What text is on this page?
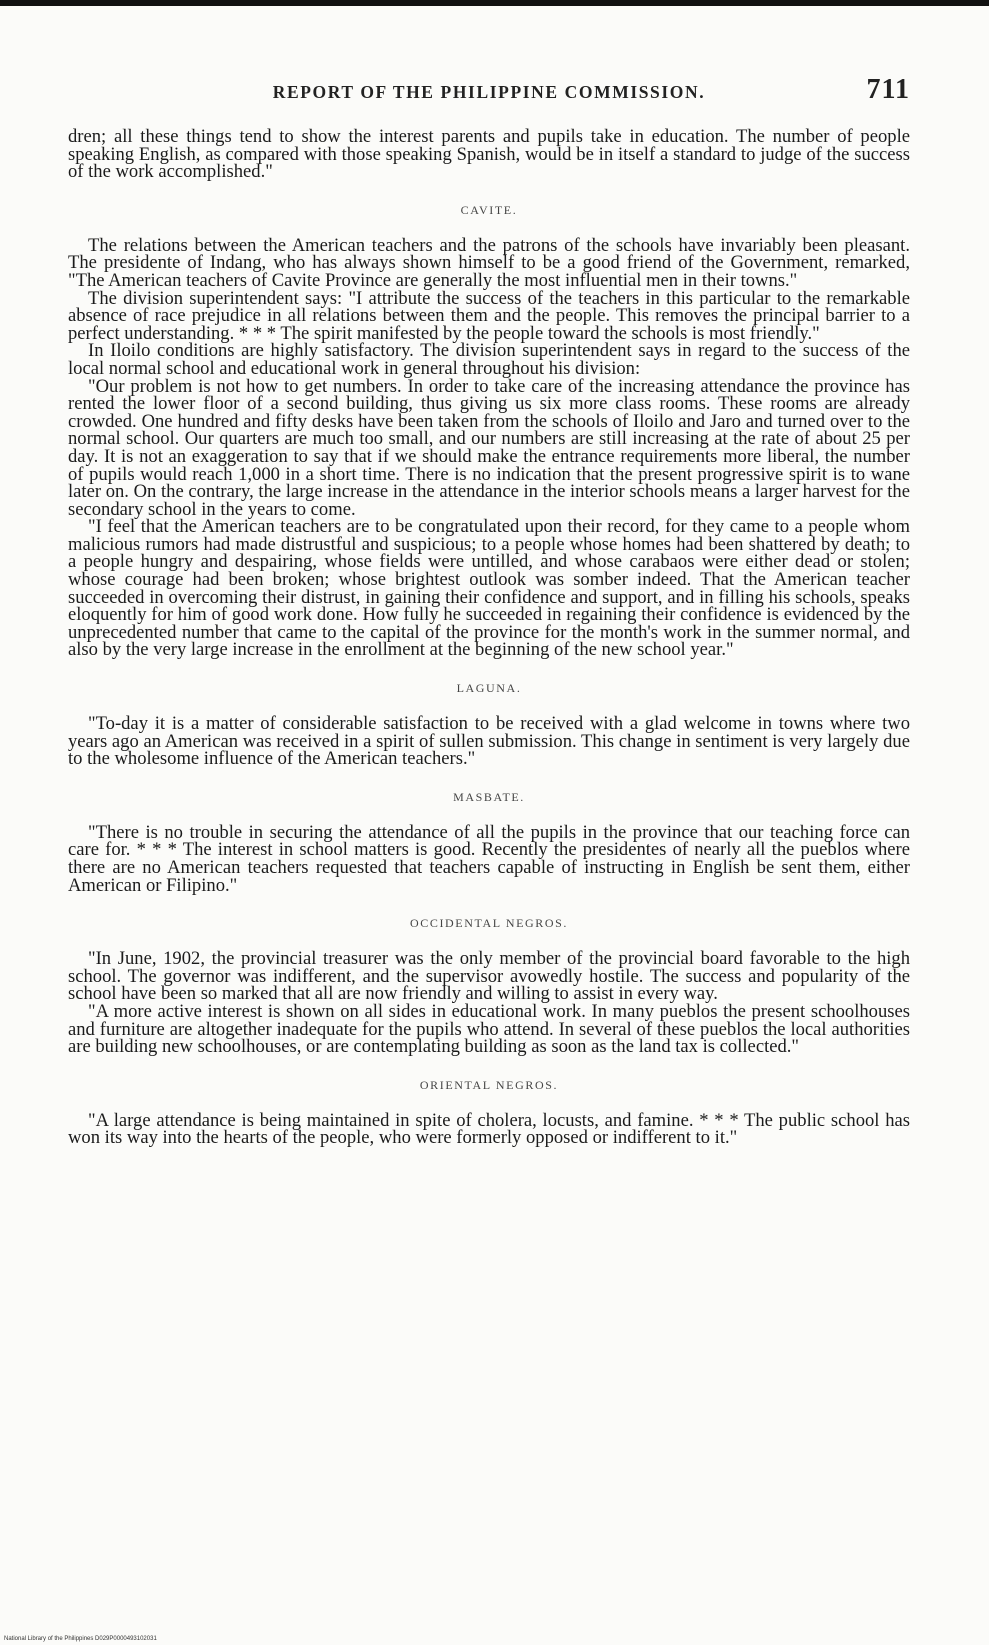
REPORT OF THE PHILIPPINE COMMISSION.	711

dren; all these things tend to show the interest parents and pupils take in education. The number of people speaking English, as compared with those speaking Spanish, would be in itself a standard to judge of the success of the work accomplished."

CAVITE.

The relations between the American teachers and the patrons of the schools have invariably been pleasant. The presidente of Indang, who has always shown himself to be a good friend of the Government, remarked, "The American teachers of Cavite Province are generally the most influential men in their towns."

The division superintendent says: "I attribute the success of the teachers in this particular to the remarkable absence of race prejudice in all relations between them and the people. This removes the principal barrier to a perfect understanding. * * * The spirit manifested by the people toward the schools is most friendly."

In Iloilo conditions are highly satisfactory. The division superintendent says in regard to the success of the local normal school and educational work in general throughout his division:

"Our problem is not how to get numbers. In order to take care of the increasing attendance the province has rented the lower floor of a second building, thus giving us six more class rooms. These rooms are already crowded. One hundred and fifty desks have been taken from the schools of Iloilo and Jaro and turned over to the normal school. Our quarters are much too small, and our numbers are still increasing at the rate of about 25 per day. It is not an exaggeration to say that if we should make the entrance requirements more liberal, the number of pupils would reach 1,000 in a short time. There is no indication that the present progressive spirit is to wane later on. On the contrary, the large increase in the attendance in the interior schools means a larger harvest for the secondary school in the years to come.

"I feel that the American teachers are to be congratulated upon their record, for they came to a people whom malicious rumors had made distrustful and suspicious; to a people whose homes had been shattered by death; to a people hungry and despairing, whose fields were untilled, and whose carabaos were either dead or stolen; whose courage had been broken; whose brightest outlook was somber indeed. That the American teacher succeeded in overcoming their distrust, in gaining their confidence and support, and in filling his schools, speaks eloquently for him of good work done. How fully he succeeded in regaining their confidence is evidenced by the unprecedented number that came to the capital of the province for the month's work in the summer normal, and also by the very large increase in the enrollment at the beginning of the new school year."

LAGUNA.

"To-day it is a matter of considerable satisfaction to be received with a glad welcome in towns where two years ago an American was received in a spirit of sullen submission. This change in sentiment is very largely due to the wholesome influence of the American teachers."

MASBATE.

"There is no trouble in securing the attendance of all the pupils in the province that our teaching force can care for. * * * The interest in school matters is good. Recently the presidentes of nearly all the pueblos where there are no American teachers requested that teachers capable of instructing in English be sent them, either American or Filipino."

OCCIDENTAL NEGROS.

"In June, 1902, the provincial treasurer was the only member of the provincial board favorable to the high school. The governor was indifferent, and the supervisor avowedly hostile. The success and popularity of the school have been so marked that all are now friendly and willing to assist in every way.

"A more active interest is shown on all sides in educational work. In many pueblos the present schoolhouses and furniture are altogether inadequate for the pupils who attend. In several of these pueblos the local authorities are building new schoolhouses, or are contemplating building as soon as the land tax is collected."

ORIENTAL NEGROS.

"A large attendance is being maintained in spite of cholera, locusts, and famine. * * * The public school has won its way into the hearts of the people, who were formerly opposed or indifferent to it."

National Library of the Philippines D029P0000493102031
